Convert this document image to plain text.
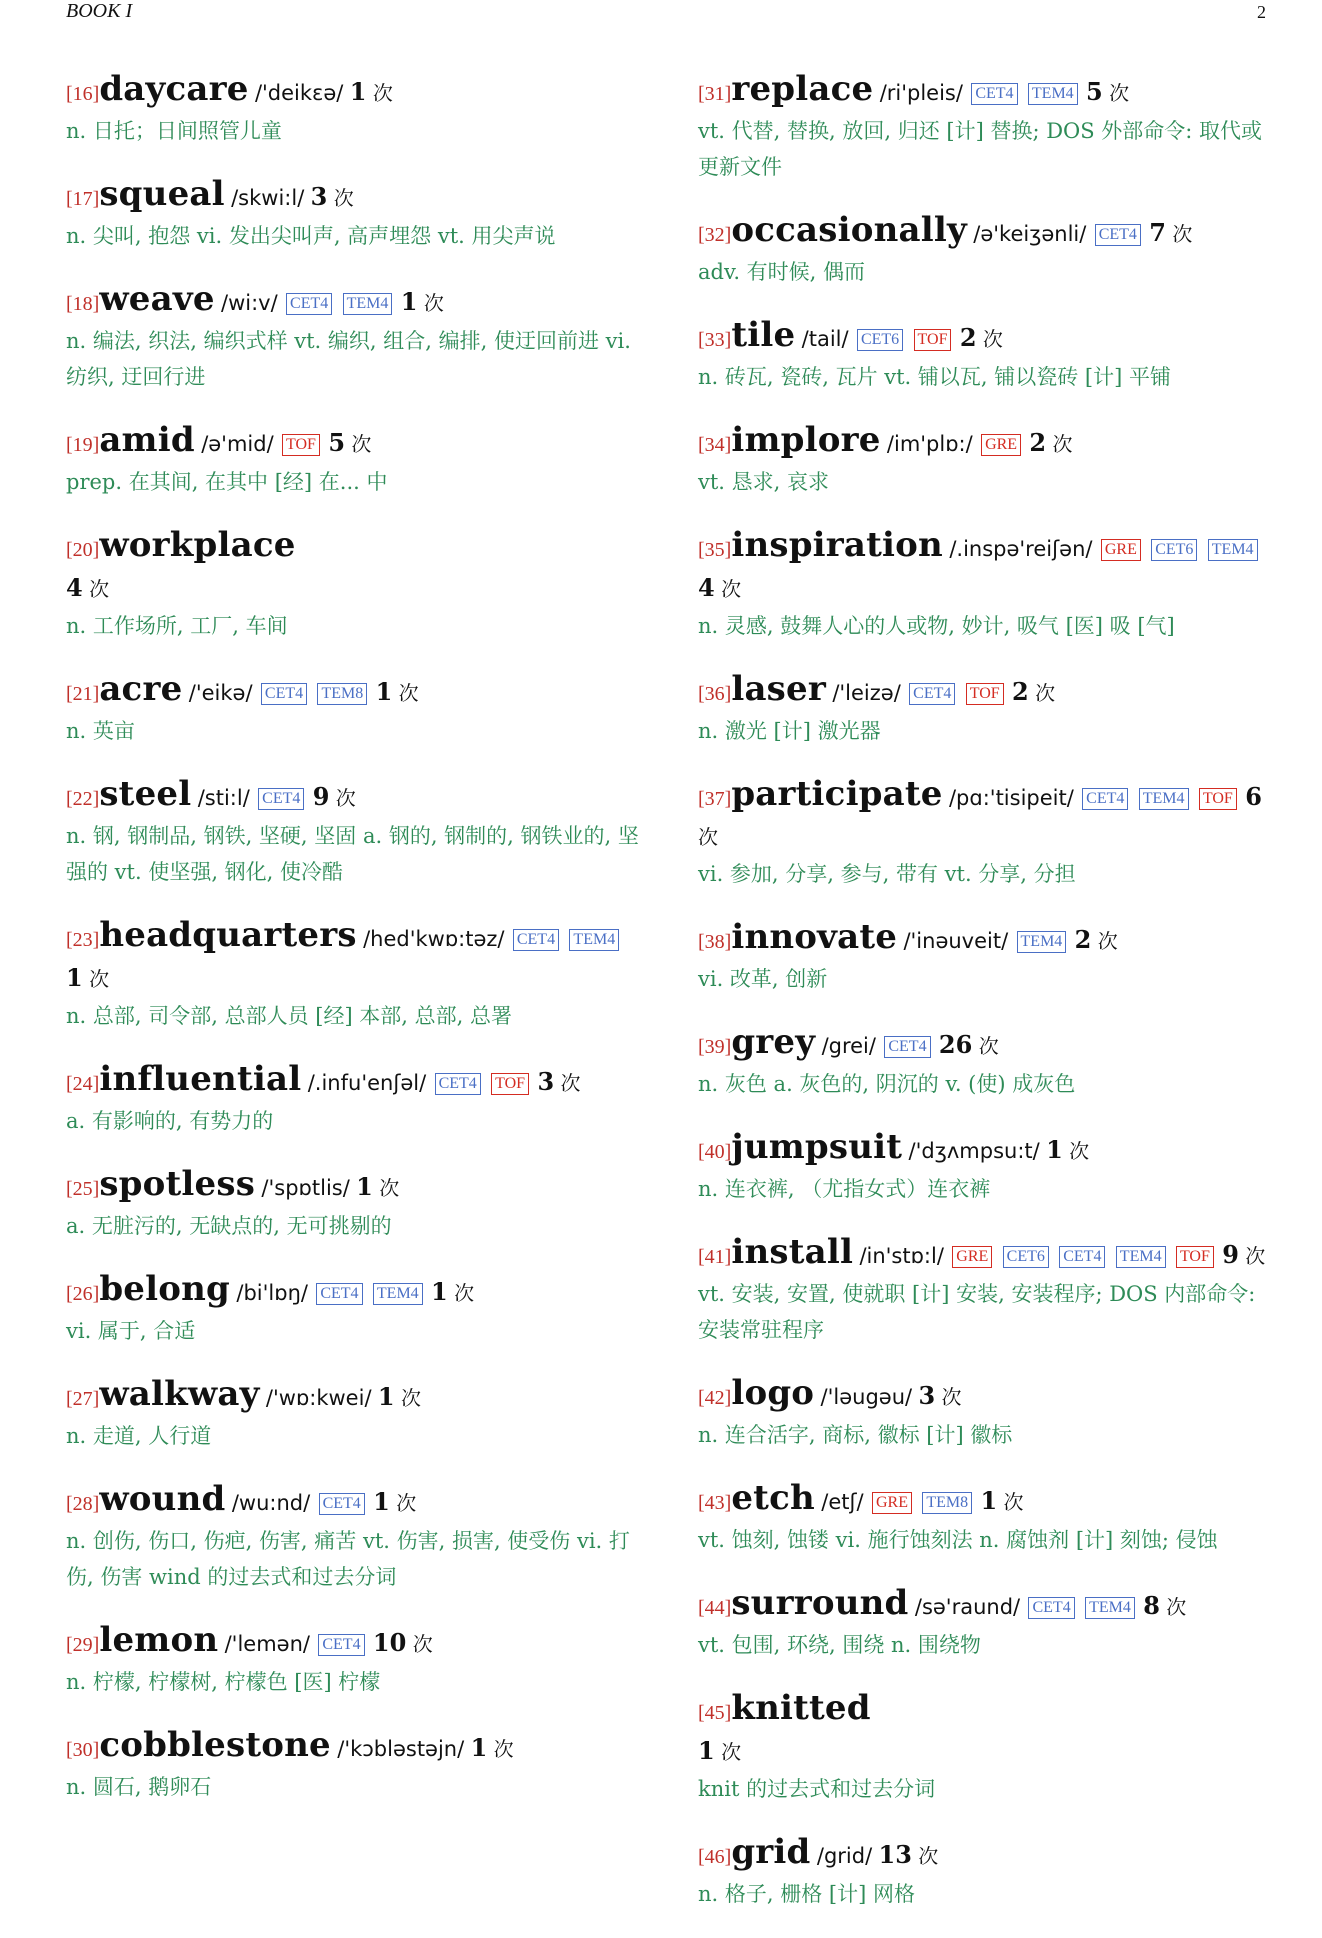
BOOK I	2
[16]daycare /'deikɛə/ 1 次
n. 日托；日间照管儿童
[17]squeal /skwi:l/ 3 次
n. 尖叫, 抱怨 vi. 发出尖叫声, 高声埋怨 vt. 用尖声说
[18]weave /wi:v/ CET4 TEM4 1 次
n. 编法, 织法, 编织式样 vt. 编织, 组合, 编排, 使迂回前进 vi. 纺织, 迂回行进
[19]amid /ə'mid/ TOF 5 次
prep. 在其间, 在其中 [经] 在... 中
[20]workplace
4 次
n. 工作场所, 工厂, 车间
[21]acre /'eikə/ CET4 TEM8 1 次
n. 英亩
[22]steel /sti:l/ CET4 9 次
n. 钢, 钢制品, 钢铁, 坚硬, 坚固 a. 钢的, 钢制的, 钢铁业的, 坚强的 vt. 使坚强, 钢化, 使冷酷
[23]headquarters /hed'kwɒ:təz/ CET4 TEM4 1 次
n. 总部, 司令部, 总部人员 [经] 本部, 总部, 总署
[24]influential /.infu'enʃəl/ CET4 TOF 3 次
a. 有影响的, 有势力的
[25]spotless /'spɒtlis/ 1 次
a. 无脏污的, 无缺点的, 无可挑剔的
[26]belong /bi'lɒŋ/ CET4 TEM4 1 次
vi. 属于, 合适
[27]walkway /'wɒ:kwei/ 1 次
n. 走道, 人行道
[28]wound /wu:nd/ CET4 1 次
n. 创伤, 伤口, 伤疤, 伤害, 痛苦 vt. 伤害, 损害, 使受伤 vi. 打伤, 伤害 wind 的过去式和过去分词
[29]lemon /'lemən/ CET4 10 次
n. 柠檬, 柠檬树, 柠檬色 [医] 柠檬
[30]cobblestone /'kɔbləstəjn/ 1 次
n. 圆石, 鹅卵石
[31]replace /ri'pleis/ CET4 TEM4 5 次
vt. 代替, 替换, 放回, 归还 [计] 替换; DOS 外部命令: 取代或更新文件
[32]occasionally /ə'keiʒənli/ CET4 7 次
adv. 有时候, 偶而
[33]tile /tail/ CET6 TOF 2 次
n. 砖瓦, 瓷砖, 瓦片 vt. 铺以瓦, 铺以瓷砖 [计] 平铺
[34]implore /im'plɒ:/ GRE 2 次
vt. 恳求, 哀求
[35]inspiration /.inspə'reiʃən/ GRE CET6 TEM4 4 次
n. 灵感, 鼓舞人心的人或物, 妙计, 吸气 [医] 吸 [气]
[36]laser /'leizə/ CET4 TOF 2 次
n. 激光 [计] 激光器
[37]participate /pɑ:'tisipeit/ CET4 TEM4 TOF 6 次
vi. 参加, 分享, 参与, 带有 vt. 分享, 分担
[38]innovate /'inəuveit/ TEM4 2 次
vi. 改革, 创新
[39]grey /grei/ CET4 26 次
n. 灰色 a. 灰色的, 阴沉的 v. (使) 成灰色
[40]jumpsuit /'dʒʌmpsu:t/ 1 次
n. 连衣裤, （尤指女式）连衣裤
[41]install /in'stɒ:l/ GRE CET6 CET4 TEM4 TOF 9 次
vt. 安装, 安置, 使就职 [计] 安装, 安装程序; DOS 内部命令: 安装常驻程序
[42]logo /'ləugəu/ 3 次
n. 连合活字, 商标, 徽标 [计] 徽标
[43]etch /etʃ/ GRE TEM8 1 次
vt. 蚀刻, 蚀镂 vi. 施行蚀刻法 n. 腐蚀剂 [计] 刻蚀; 侵蚀
[44]surround /sə'raund/ CET4 TEM4 8 次
vt. 包围, 环绕, 围绕 n. 围绕物
[45]knitted
1 次
knit 的过去式和过去分词
[46]grid /grid/ 13 次
n. 格子, 栅格 [计] 网格
